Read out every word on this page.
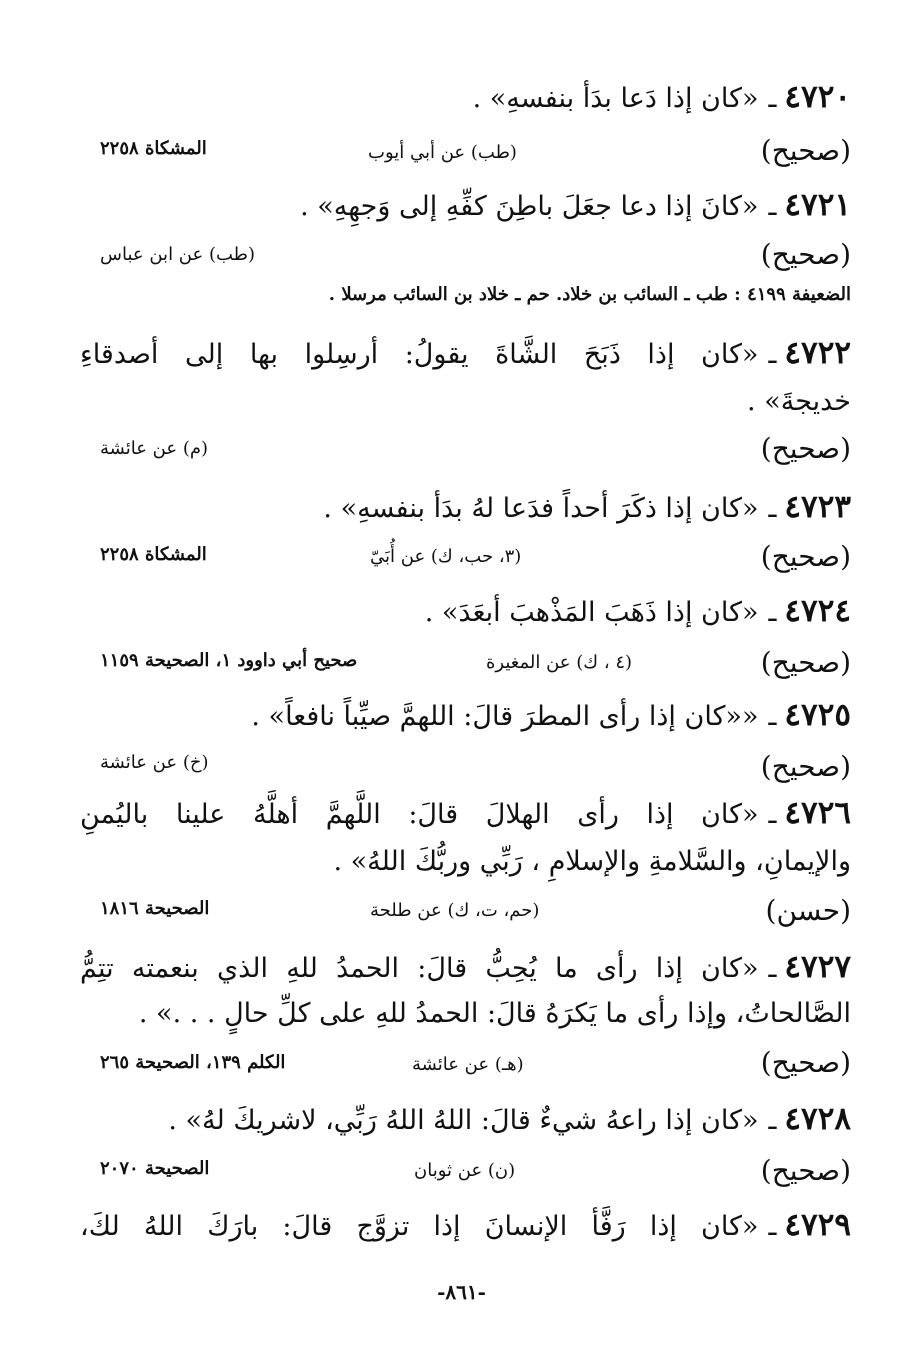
٤٧٢٠ـ«كان إذا دَعا بدَأ بنفسهِ» .
(صحيح)
(طب) عن أبي أيوب
المشكاة ٢٢٥٨
٤٧٢١ـ«كانَ إذا دعا جعَلَ باطِنَ كفِّهِ إلى وَجهِهِ» .
(صحيح)
(طب) عن ابن عباس
الضعيفة ٤١٩٩ : طب ـ السائب بن خلاد. حم ـ خلاد بن السائب مرسلا .
٤٧٢٢ـ«كان إذا ذَبَحَ الشَّاةَ يقولُ: أرسِلوا بها إلى أصدقاءِ
خديجةَ» .
(صحيح)
(م) عن عائشة
٤٧٢٣ـ«كان إذا ذكَرَ أحداً فدَعا لهُ بدَأ بنفسهِ» .
(صحيح)
(٣، حب، ك) عن أُبَيّ
المشكاة ٢٢٥٨
٤٧٢٤ـ«كان إذا ذَهَبَ المَذْهبَ أبعَدَ» .
(صحيح)
(٤ ، ك) عن المغيرة
صحيح أبي داوود ١، الصحيحة ١١٥٩
٤٧٢٥ـ««كان إذا رأى المطرَ قالَ: اللهمَّ صيِّباً نافعاً» .
(صحيح)
(خ) عن عائشة
٤٧٢٦ـ«كان إذا رأى الهلالَ قالَ: اللَّهمَّ أهلَّهُ علينا باليُمنِ
والإيمانِ، والسَّلامةِ والإسلامِ ، رَبِّي وربُّكَ اللهُ» .
(حسن)
(حم، ت، ك) عن طلحة
الصحيحة ١٨١٦
٤٧٢٧ـ«كان إذا رأى ما يُحِبُّ قالَ: الحمدُ للهِ الذي بنعمته تتِمُّ
الصَّالحاتُ، وإذا رأى ما يَكرَهُ قالَ: الحمدُ للهِ على كلِّ حالٍ . . .» .
(صحيح)
(هـ) عن عائشة
الكلم ١٣٩، الصحيحة ٢٦٥
٤٧٢٨ـ«كان إذا راعهُ شيءٌ قالَ: اللهُ اللهُ رَبِّي، لاشريكَ لهُ» .
(صحيح)
(ن) عن ثوبان
الصحيحة ٢٠٧٠
٤٧٢٩ـ«كان إذا رَفَّأ الإنسانَ إذا تزوَّج قالَ: بارَكَ اللهُ لكَ،
-٨٦١-
